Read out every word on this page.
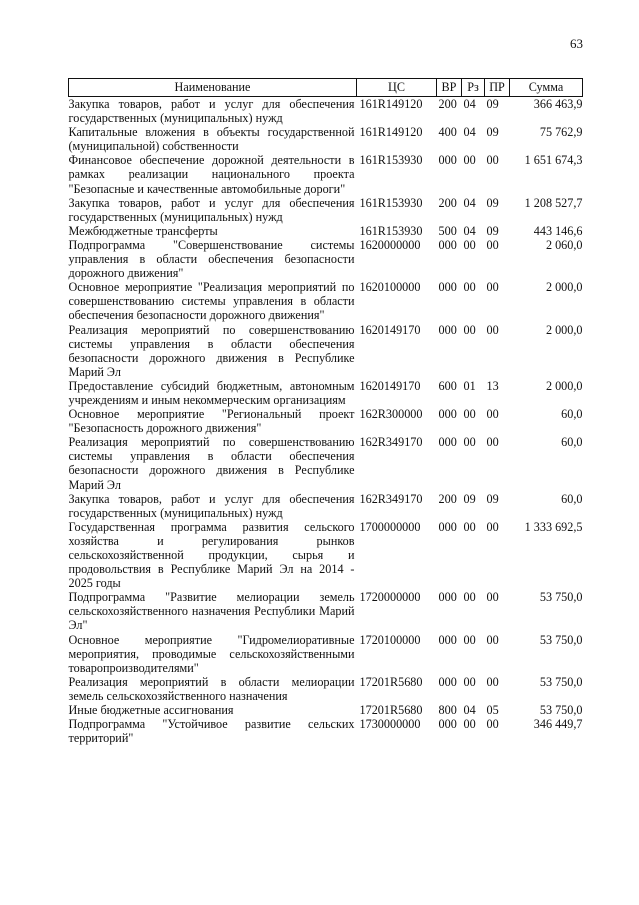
63
Наименование	ЦС	ВР	Рз	ПР	Сумма
Закупка товаров, работ и услуг для обеспечения государственных (муниципальных) нужд	161R149120	200	04	09	366 463,9
Капитальные вложения в объекты государственной (муниципальной) собственности	161R149120	400	04	09	75 762,9
Финансовое обеспечение дорожной деятельности в рамках реализации национального проекта "Безопасные и качественные автомобильные дороги"	161R153930	000	00	00	1 651 674,3
Закупка товаров, работ и услуг для обеспечения государственных (муниципальных) нужд	161R153930	200	04	09	1 208 527,7
Межбюджетные трансферты	161R153930	500	04	09	443 146,6
Подпрограмма "Совершенствование системы управления в области обеспечения безопасности дорожного движения"	1620000000	000	00	00	2 060,0
Основное мероприятие "Реализация мероприятий по совершенствованию системы управления в области обеспечения безопасности дорожного движения"	1620100000	000	00	00	2 000,0
Реализация мероприятий по совершенствованию системы управления в области обеспечения безопасности дорожного движения в Республике Марий Эл	1620149170	000	00	00	2 000,0
Предоставление субсидий бюджетным, автономным учреждениям и иным некоммерческим организациям	1620149170	600	01	13	2 000,0
Основное мероприятие "Региональный проект "Безопасность дорожного движения"	162R300000	000	00	00	60,0
Реализация мероприятий по совершенствованию системы управления в области обеспечения безопасности дорожного движения в Республике Марий Эл	162R349170	000	00	00	60,0
Закупка товаров, работ и услуг для обеспечения государственных (муниципальных) нужд	162R349170	200	09	09	60,0
Государственная программа развития сельского хозяйства и регулирования рынков сельскохозяйственной продукции, сырья и продовольствия в Республике Марий Эл на 2014 - 2025 годы	1700000000	000	00	00	1 333 692,5
Подпрограмма "Развитие мелиорации земель сельскохозяйственного назначения Республики Марий Эл"	1720000000	000	00	00	53 750,0
Основное мероприятие "Гидромелиоративные мероприятия, проводимые сельскохозяйственными товаропроизводителями"	1720100000	000	00	00	53 750,0
Реализация мероприятий в области мелиорации земель сельскохозяйственного назначения	17201R5680	000	00	00	53 750,0
Иные бюджетные ассигнования	17201R5680	800	04	05	53 750,0
Подпрограмма "Устойчивое развитие сельских территорий"	1730000000	000	00	00	346 449,7
